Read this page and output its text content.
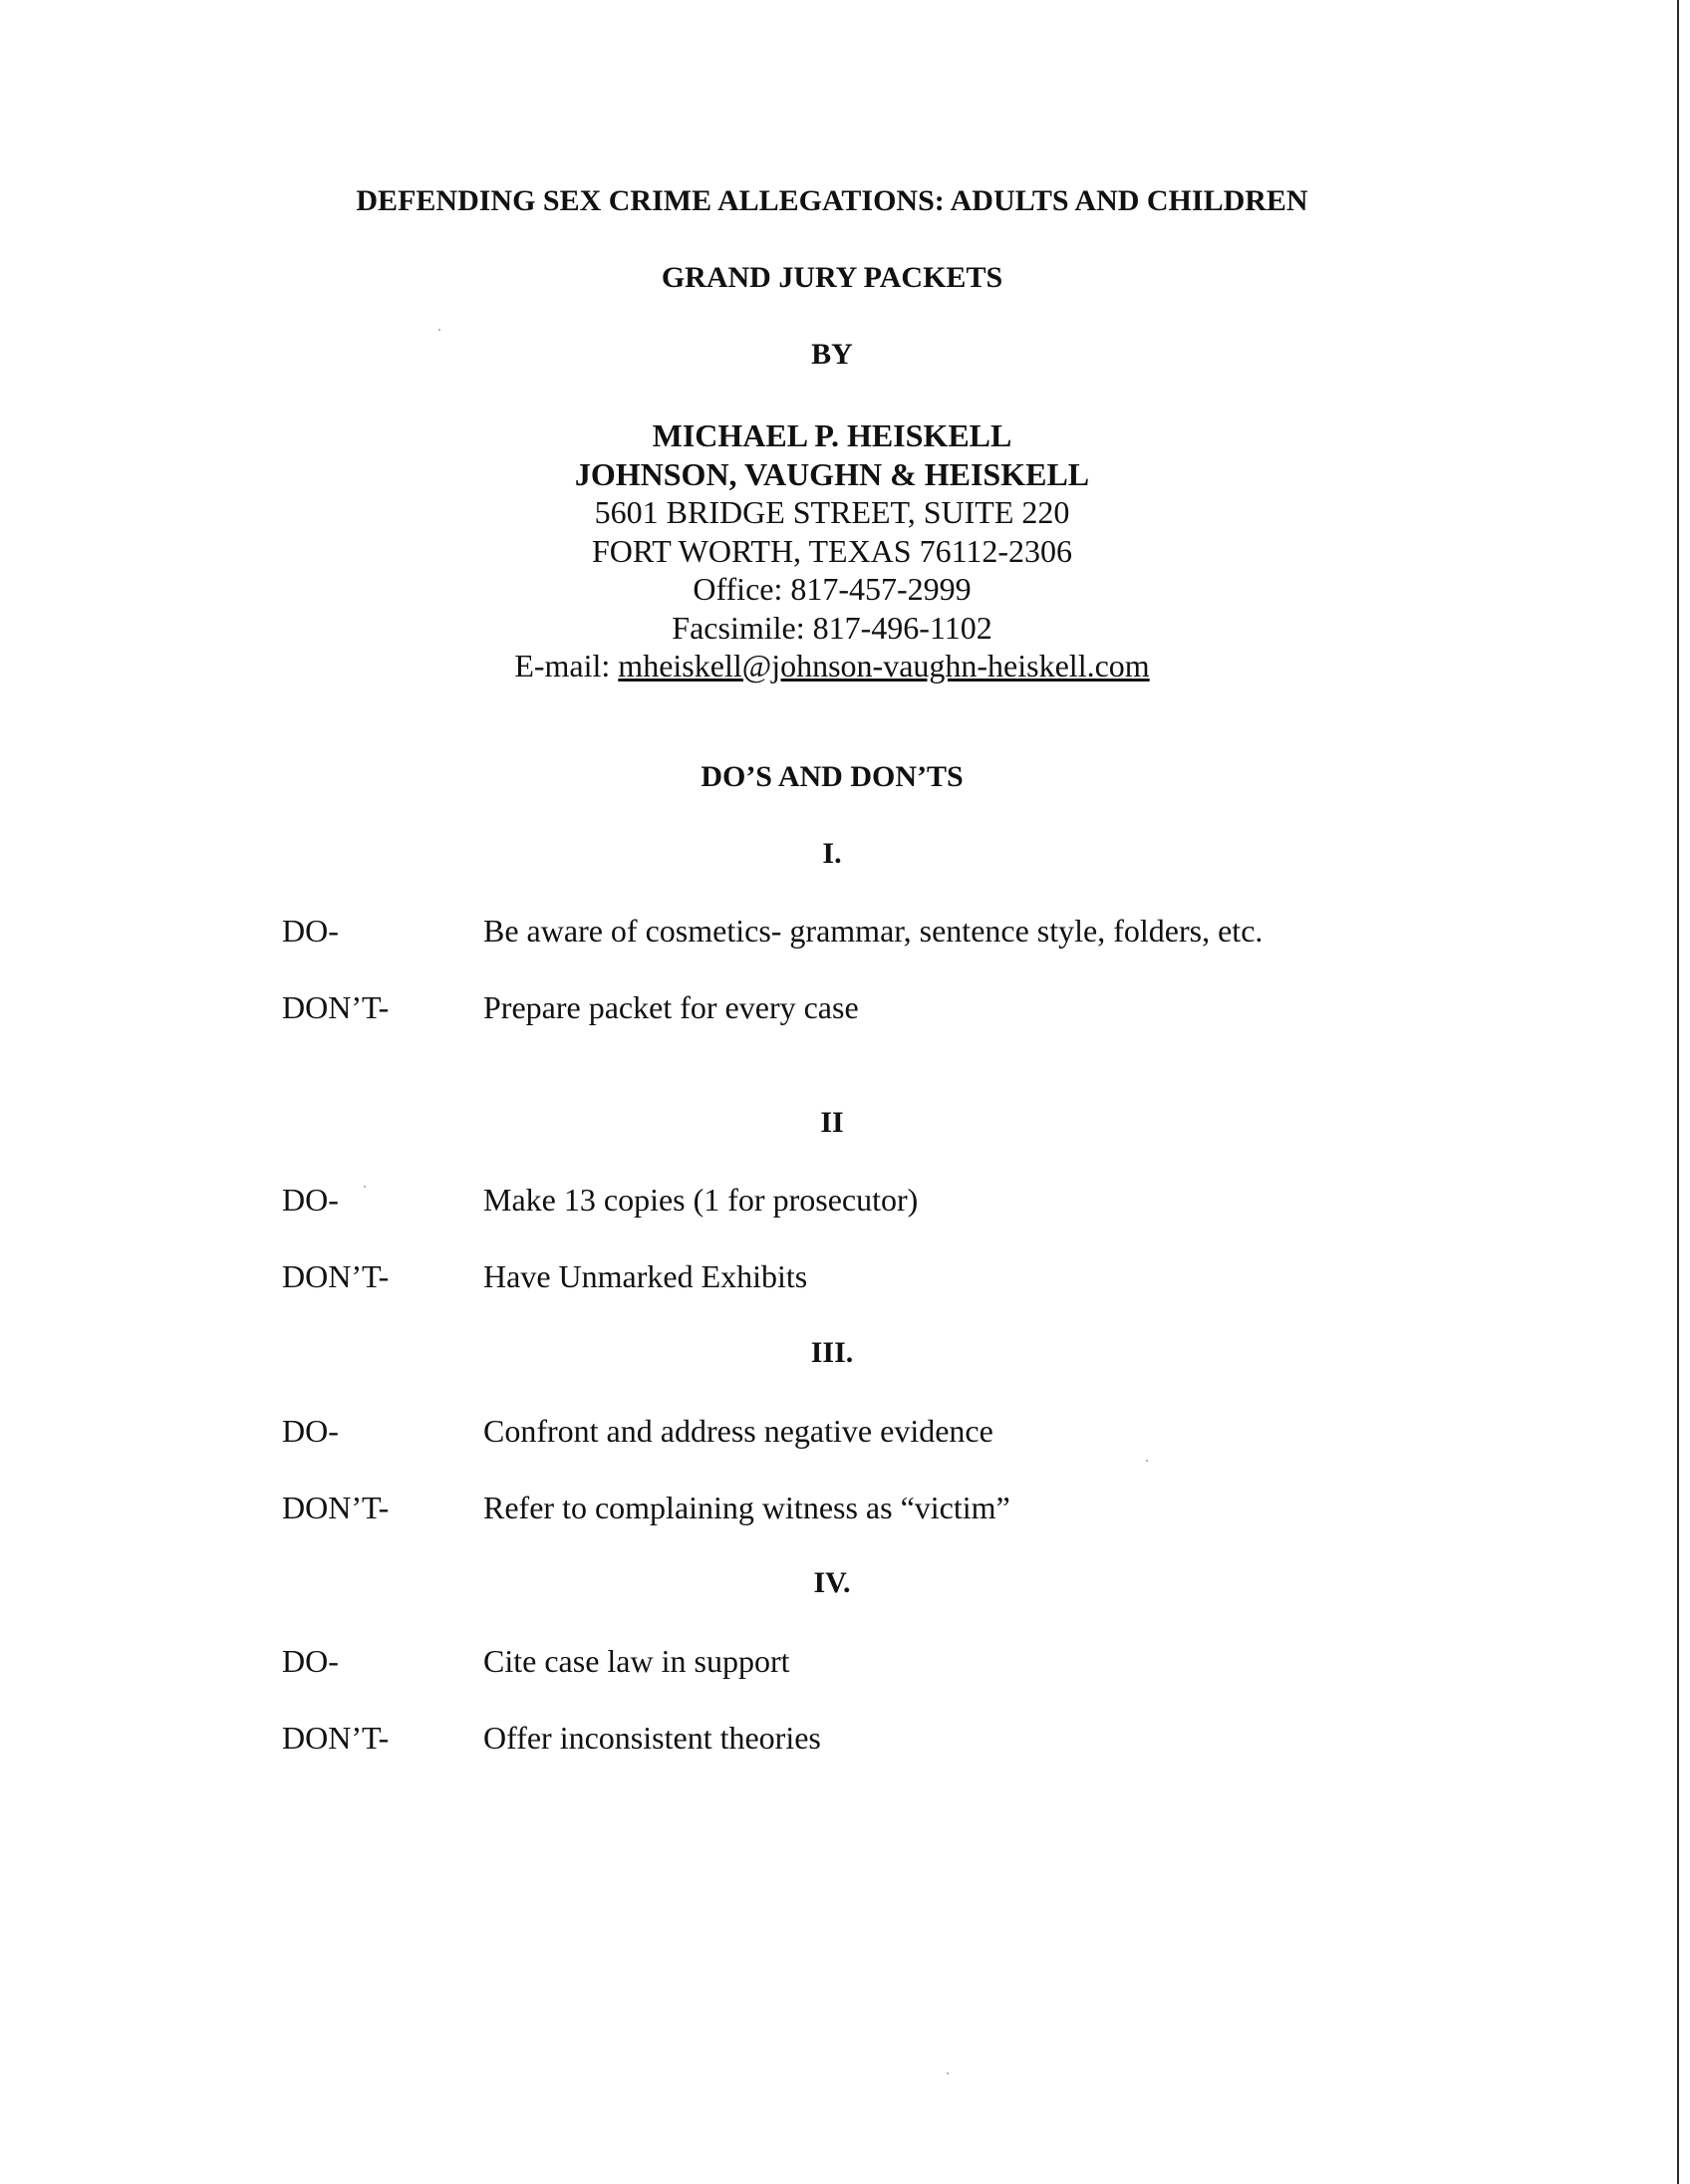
DEFENDING SEX CRIME ALLEGATIONS: ADULTS AND CHILDREN
GRAND JURY PACKETS
BY
MICHAEL P. HEISKELL
JOHNSON, VAUGHN & HEISKELL
5601 BRIDGE STREET, SUITE 220
FORT WORTH, TEXAS 76112-2306
Office: 817-457-2999
Facsimile: 817-496-1102
E-mail: mheiskell@johnson-vaughn-heiskell.com
DO’S AND DON’TS
I.
DO-	Be aware of cosmetics- grammar, sentence style, folders, etc.
DON’T-	Prepare packet for every case
II
DO-	Make 13 copies (1 for prosecutor)
DON’T-	Have Unmarked Exhibits
III.
DO-	Confront and address negative evidence
DON’T-	Refer to complaining witness as “victim”
IV.
DO-	Cite case law in support
DON’T-	Offer inconsistent theories
